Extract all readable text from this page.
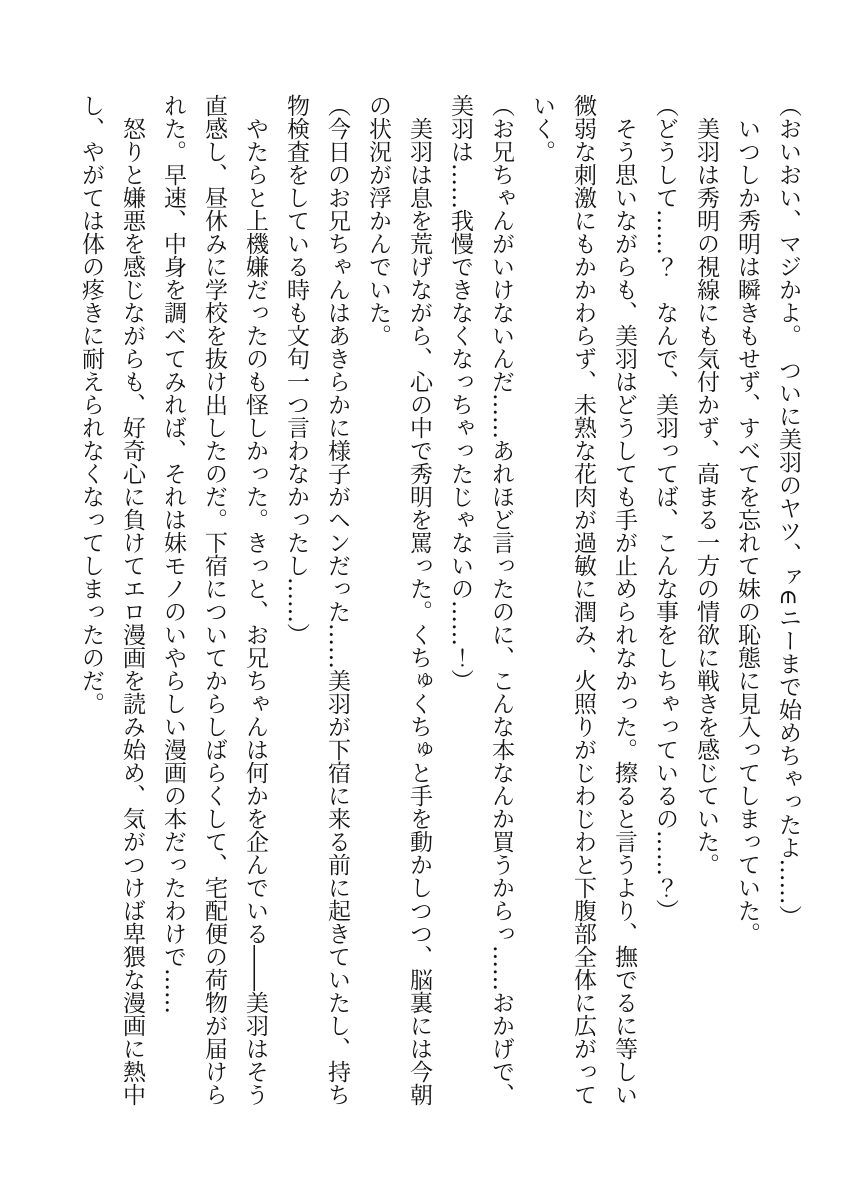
（おいおい、マジかよ。　ついに美羽のヤツ、ァ∈ニーまで始めちゃったよ……）

いつしか秀明は瞬きもせず、すべてを忘れて妹の恥態に見入ってしまっていた。

美羽は秀明の視線にも気付かず、高まる一方の情欲に戦きを感じていた。

（どうして……？　なんで、美羽ってば、こんな事をしちゃっているの……？）

そう思いながらも、美羽はどうしても手が止められなかった。擦ると言うより、撫でるに等しい微弱な刺激にもかかわらず、未熟な花肉が過敏に潤み、火照りがじわじわと下腹部全体に広がっていく。

（お兄ちゃんがいけないんだ……あれほど言ったのに、こんな本なんか買うからっ……おかげで、美羽は……我慢できなくなっちゃったじゃないの……！）

美羽は息を荒げながら、心の中で秀明を罵った。くちゅくちゅと手を動かしつつ、脳裏には今朝の状況が浮かんでいた。

（今日のお兄ちゃんはあきらかに様子がヘンだった……美羽が下宿に来る前に起きていたし、持ち物検査をしている時も文句一つ言わなかったし……）

やたらと上機嫌だったのも怪しかった。きっと、お兄ちゃんは何かを企んでいる――美羽はそう直感し、昼休みに学校を抜け出したのだ。下宿についてからしばらくして、宅配便の荷物が届けられた。早速、中身を調べてみれば、それは妹モノのいやらしい漫画の本だったわけで……

怒りと嫌悪を感じながらも、好奇心に負けてエロ漫画を読み始め、気がつけば卑猥な漫画に熱中し、やがては体の疼きに耐えられなくなってしまったのだ。
